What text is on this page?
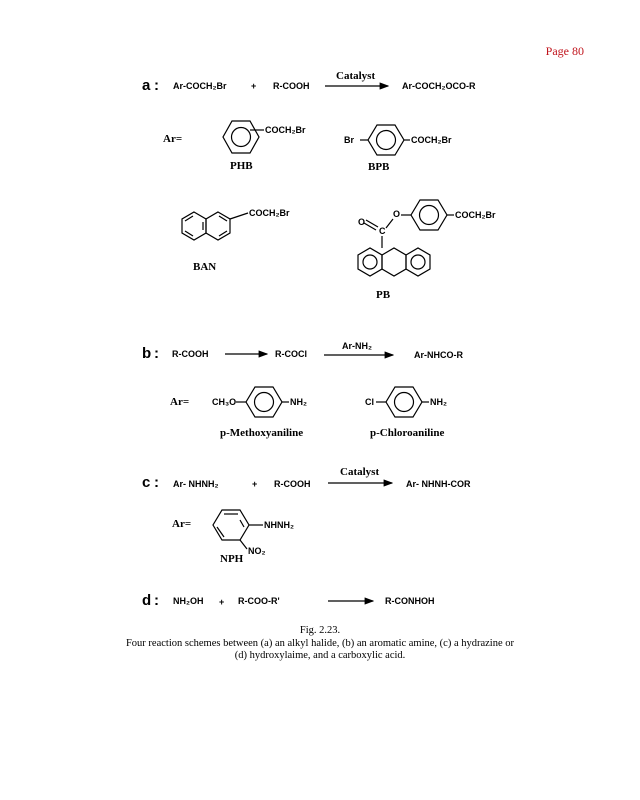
Page 80
a : Ar-COCH₂Br	+ R-COOH
Catalyst
Ar-COCH₂OCO-R
Ar=
COCH₂Br
PHB
Br	COCH₂Br
BPB
COCH₂Br
BAN
O
C
O	COCH₂Br
PB
b : R-COOH	R-COCl
Ar-NH₂
Ar-NHCO-R
Ar=	CH₃O	NH₂
p-Methoxyaniline
Cl	NH₂
p-Chloroaniline
c : Ar- NHNH₂	+ R-COOH
Catalyst
Ar- NHNH-COR
Ar=	NHNH₂
NO₂
NPH
d : NH₂OH + R-COO-R'	R-CONHOH
Fig. 2.23.
Four reaction schemes between (a) an alkyl halide, (b) an aromatic amine, (c) a hydrazine or (d) hydroxylaime, and a carboxylic acid.
